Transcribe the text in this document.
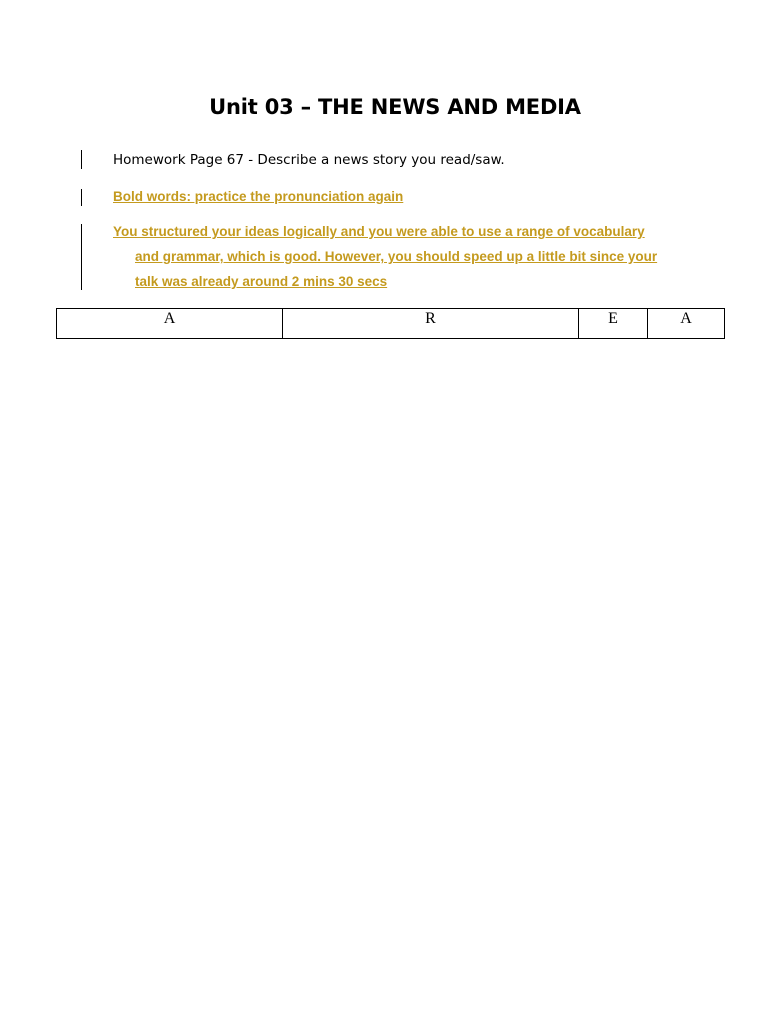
Unit 03 – THE NEWS AND MEDIA
Homework Page 67 - Describe a news story you read/saw.
Bold words: practice the pronunciation again
You structured your ideas logically and you were able to use a range of vocabulary
and grammar, which is good. However, you should speed up a little bit since your
talk was already around 2 mins 30 secs
A	R	E	A
